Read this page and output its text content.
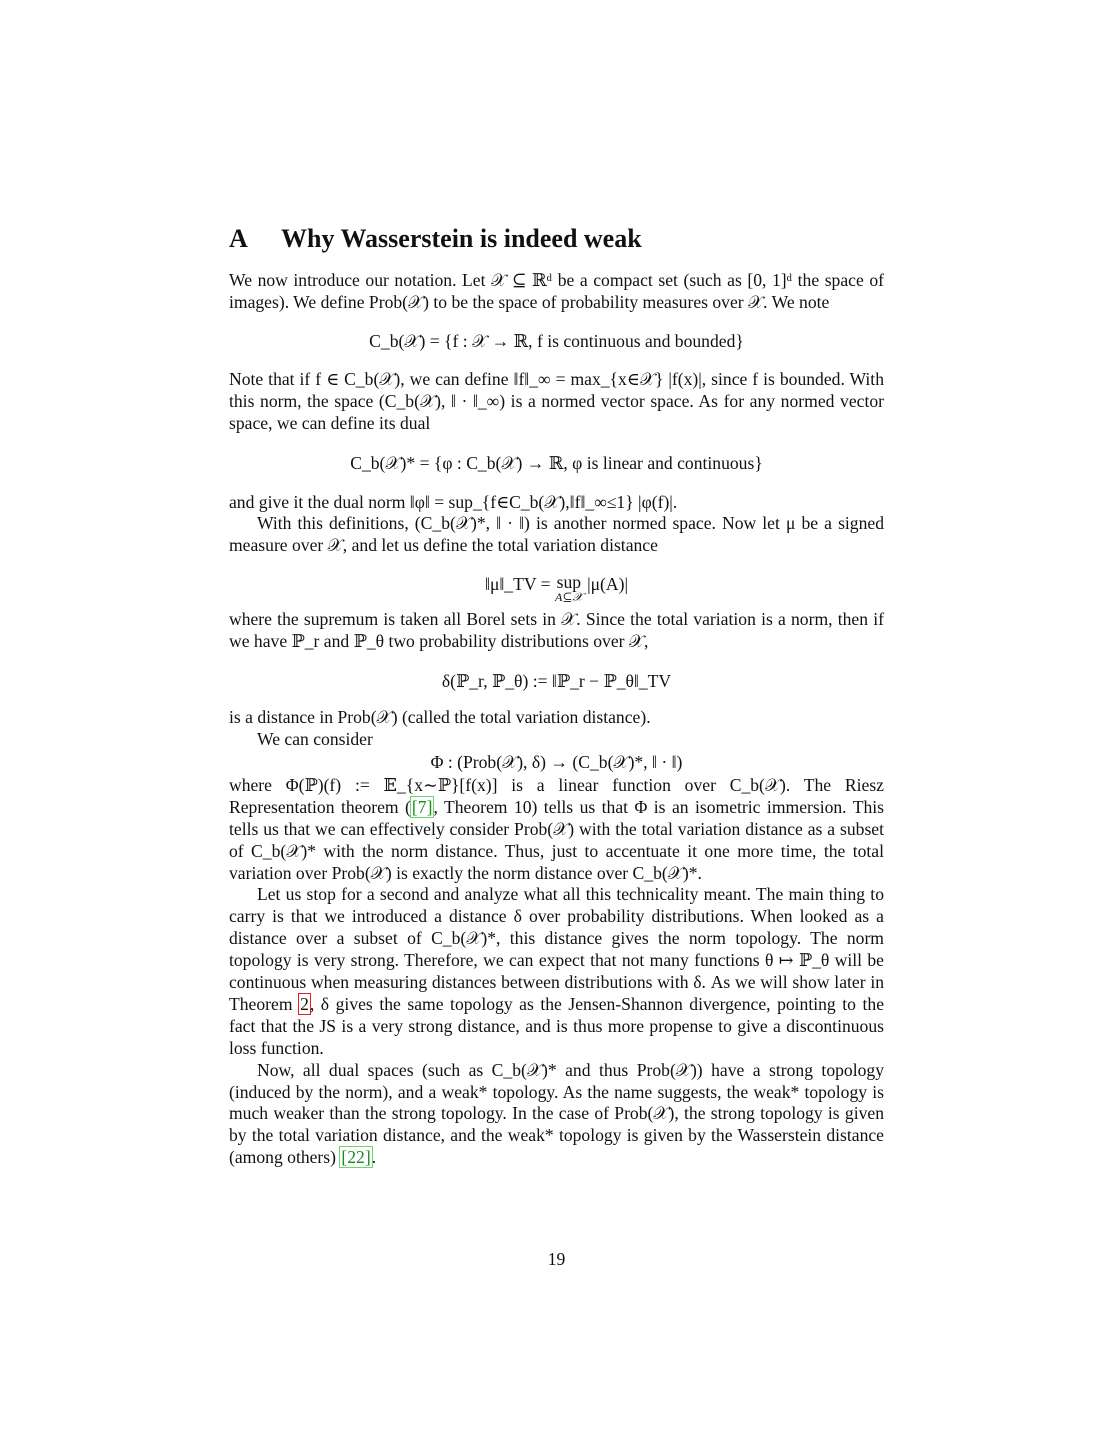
A Why Wasserstein is indeed weak

We now introduce our notation. Let 𝒳 ⊆ ℝᵈ be a compact set (such as [0, 1]ᵈ the space of images). We define Prob(𝒳) to be the space of probability measures over 𝒳. We note

C_b(𝒳) = {f : 𝒳 → ℝ, f is continuous and bounded}

Note that if f ∈ C_b(𝒳), we can define ‖f‖_∞ = max_{x∈𝒳} |f(x)|, since f is bounded. With this norm, the space (C_b(𝒳), ‖ · ‖_∞) is a normed vector space. As for any normed vector space, we can define its dual

C_b(𝒳)* = {φ : C_b(𝒳) → ℝ, φ is linear and continuous}

and give it the dual norm ‖φ‖ = sup_{f∈C_b(𝒳),‖f‖_∞≤1} |φ(f)|.

With this definitions, (C_b(𝒳)*, ‖ · ‖) is another normed space. Now let μ be a signed measure over 𝒳, and let us define the total variation distance

‖μ‖_TV = sup
A⊆𝒳
|μ(A)|

where the supremum is taken all Borel sets in 𝒳. Since the total variation is a norm, then if we have ℙ_r and ℙ_θ two probability distributions over 𝒳,

δ(ℙ_r, ℙ_θ) := ‖ℙ_r − ℙ_θ‖_TV

is a distance in Prob(𝒳) (called the total variation distance).

We can consider

Φ : (Prob(𝒳), δ) → (C_b(𝒳)*, ‖ · ‖)

where Φ(ℙ)(f) := 𝔼_{x∼ℙ}[f(x)] is a linear function over C_b(𝒳). The Riesz Representation theorem ([7], Theorem 10) tells us that Φ is an isometric immersion. This tells us that we can effectively consider Prob(𝒳) with the total variation distance as a subset of C_b(𝒳)* with the norm distance. Thus, just to accentuate it one more time, the total variation over Prob(𝒳) is exactly the norm distance over C_b(𝒳)*.

Let us stop for a second and analyze what all this technicality meant. The main thing to carry is that we introduced a distance δ over probability distributions. When looked as a distance over a subset of C_b(𝒳)*, this distance gives the norm topology. The norm topology is very strong. Therefore, we can expect that not many functions θ ↦ ℙ_θ will be continuous when measuring distances between distributions with δ. As we will show later in Theorem 2, δ gives the same topology as the Jensen-Shannon divergence, pointing to the fact that the JS is a very strong distance, and is thus more propense to give a discontinuous loss function.

Now, all dual spaces (such as C_b(𝒳)* and thus Prob(𝒳)) have a strong topology (induced by the norm), and a weak* topology. As the name suggests, the weak* topology is much weaker than the strong topology. In the case of Prob(𝒳), the strong topology is given by the total variation distance, and the weak* topology is given by the Wasserstein distance (among others) [22].

19
